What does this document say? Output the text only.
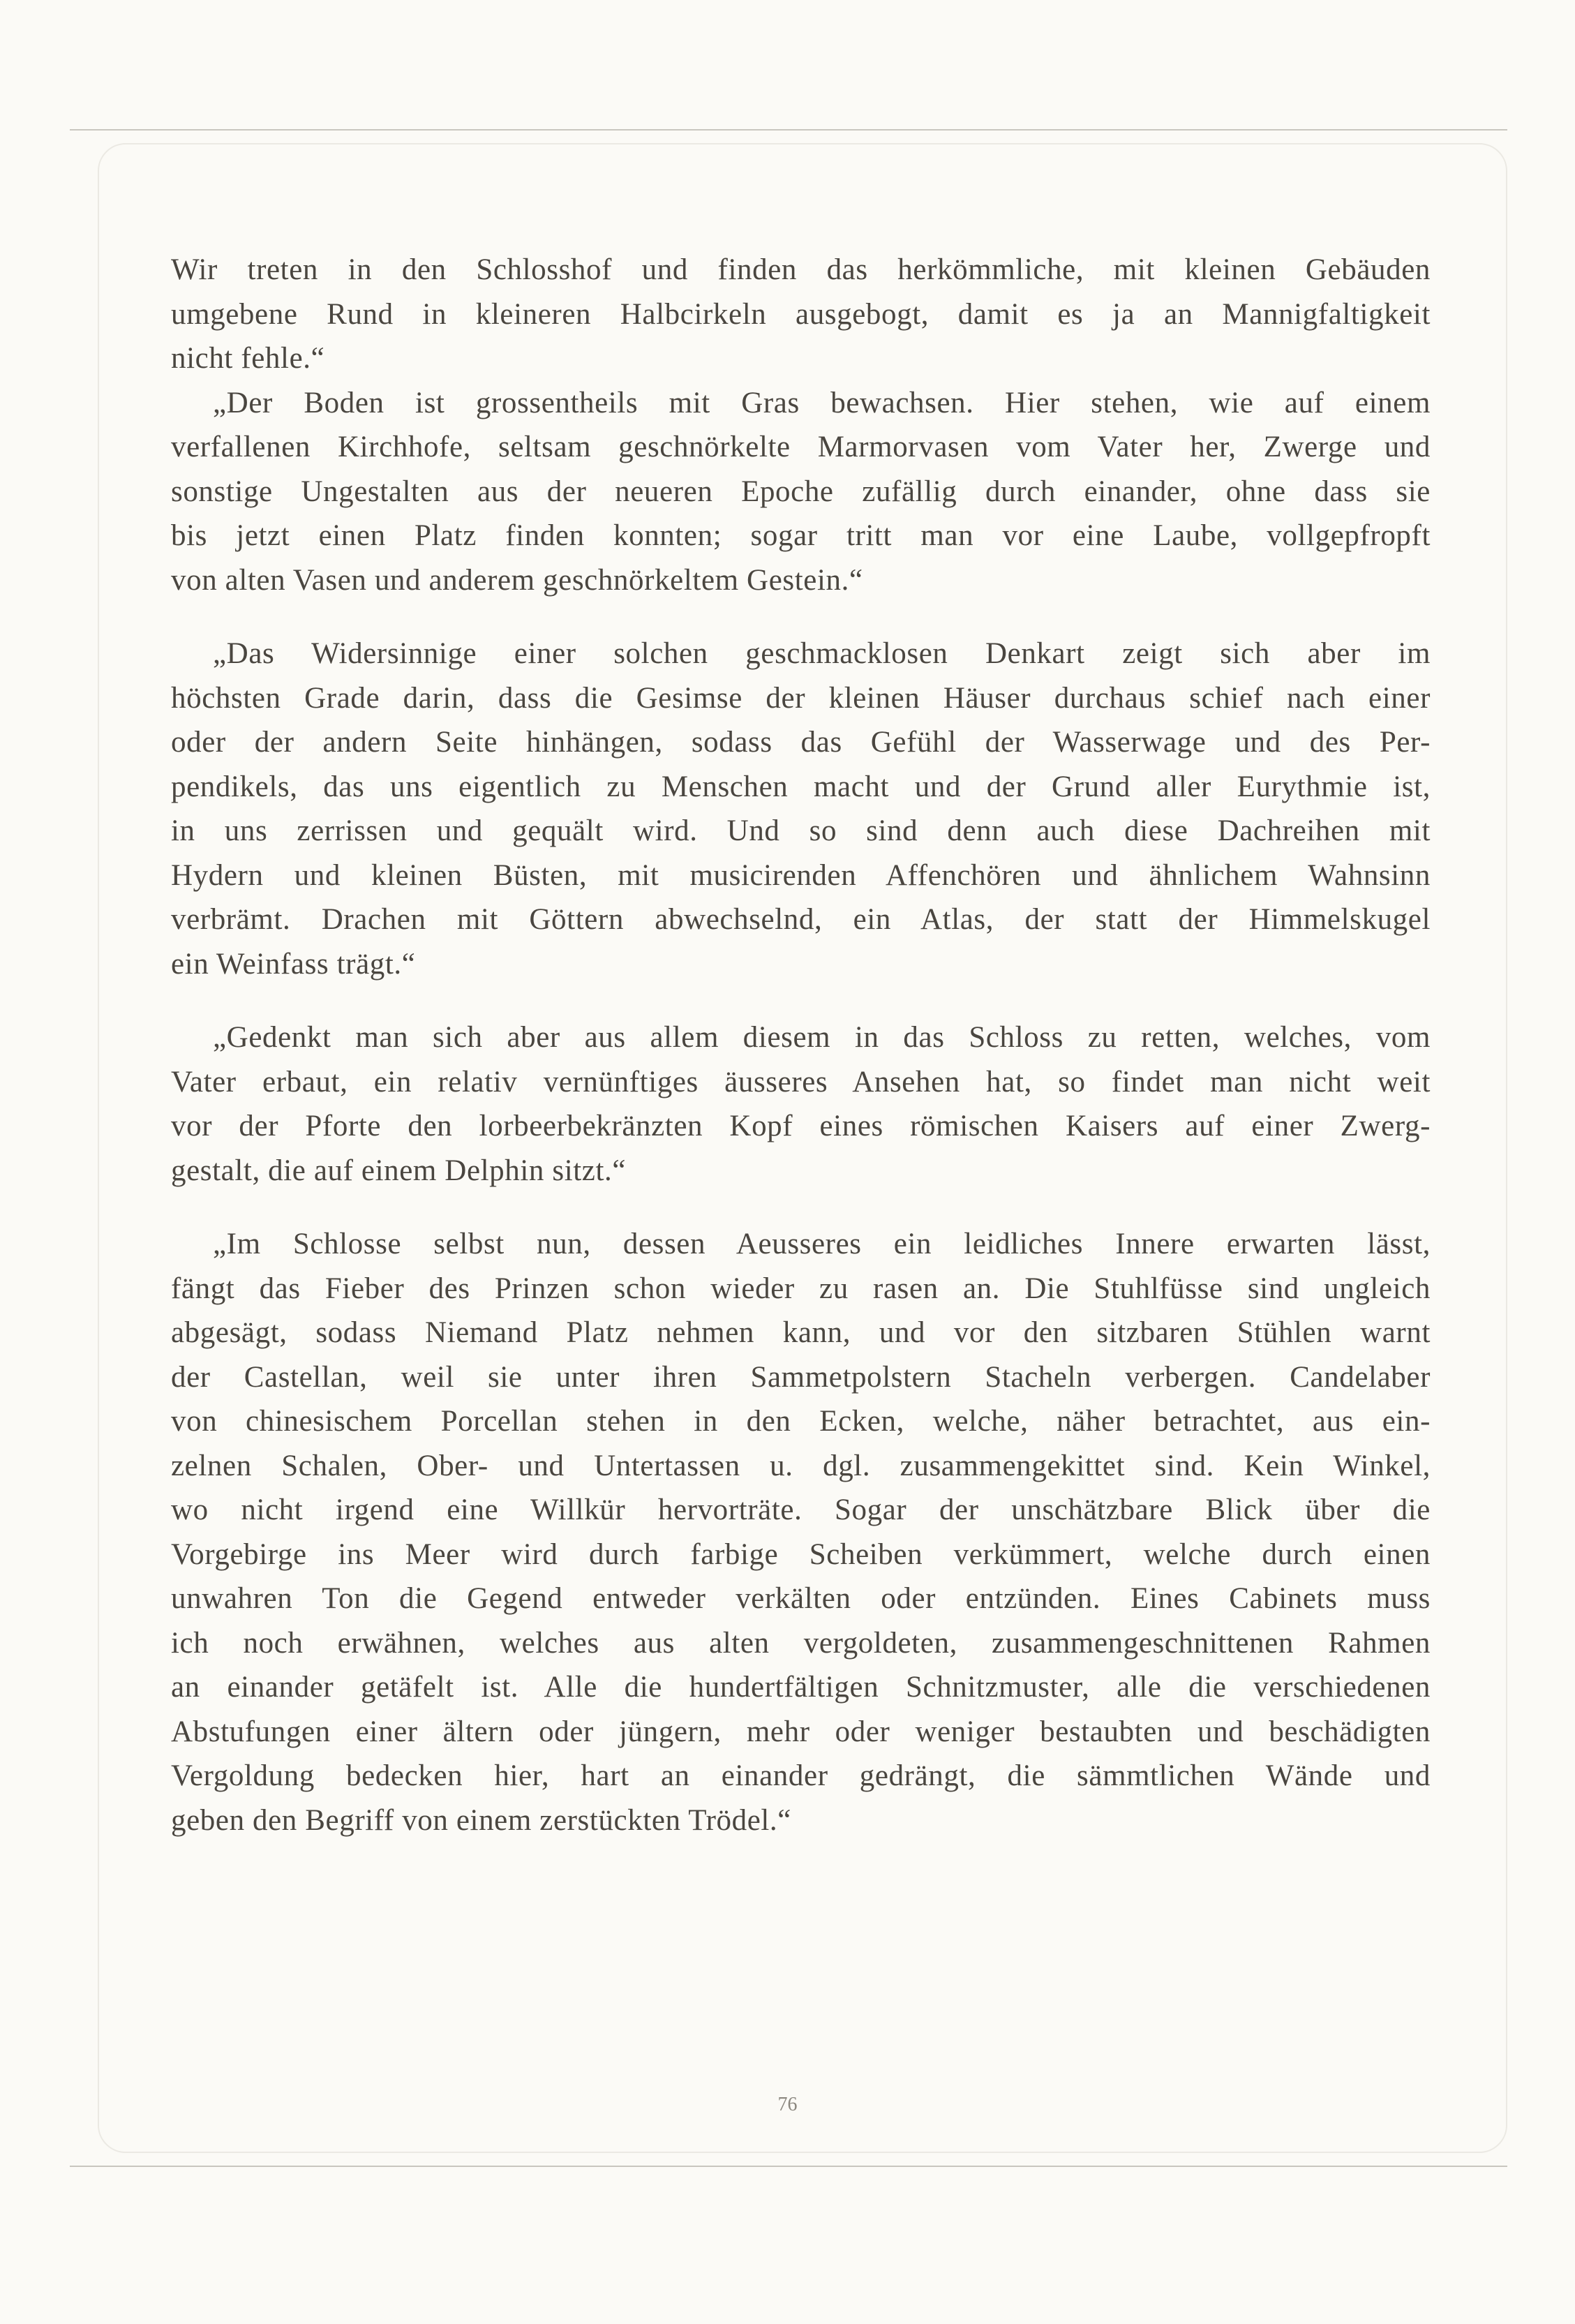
Wir treten in den Schlosshof und finden das herkömmliche, mit kleinen Gebäuden

umgebene Rund in kleineren Halbcirkeln ausgebogt, damit es ja an Mannigfaltigkeit

nicht fehle.“

„Der Boden ist grossentheils mit Gras bewachsen. Hier stehen, wie auf einem

verfallenen Kirchhofe, seltsam geschnörkelte Marmorvasen vom Vater her, Zwerge und

sonstige Ungestalten aus der neueren Epoche zufällig durch einander, ohne dass sie

bis jetzt einen Platz finden konnten; sogar tritt man vor eine Laube, vollgepfropft

von alten Vasen und anderem geschnörkeltem Gestein.“

„Das Widersinnige einer solchen geschmacklosen Denkart zeigt sich aber im

höchsten Grade darin, dass die Gesimse der kleinen Häuser durchaus schief nach einer

oder der andern Seite hinhängen, sodass das Gefühl der Wasserwage und des Per-

pendikels, das uns eigentlich zu Menschen macht und der Grund aller Eurythmie ist,

in uns zerrissen und gequält wird. Und so sind denn auch diese Dachreihen mit

Hydern und kleinen Büsten, mit musicirenden Affenchören und ähnlichem Wahnsinn

verbrämt. Drachen mit Göttern abwechselnd, ein Atlas, der statt der Himmelskugel

ein Weinfass trägt.“

„Gedenkt man sich aber aus allem diesem in das Schloss zu retten, welches, vom

Vater erbaut, ein relativ vernünftiges äusseres Ansehen hat, so findet man nicht weit

vor der Pforte den lorbeerbekränzten Kopf eines römischen Kaisers auf einer Zwerg-

gestalt, die auf einem Delphin sitzt.“

„Im Schlosse selbst nun, dessen Aeusseres ein leidliches Innere erwarten lässt,

fängt das Fieber des Prinzen schon wieder zu rasen an. Die Stuhlfüsse sind ungleich

abgesägt, sodass Niemand Platz nehmen kann, und vor den sitzbaren Stühlen warnt

der Castellan, weil sie unter ihren Sammetpolstern Stacheln verbergen. Candelaber

von chinesischem Porcellan stehen in den Ecken, welche, näher betrachtet, aus ein-

zelnen Schalen, Ober- und Untertassen u. dgl. zusammengekittet sind. Kein Winkel,

wo nicht irgend eine Willkür hervorträte. Sogar der unschätzbare Blick über die

Vorgebirge ins Meer wird durch farbige Scheiben verkümmert, welche durch einen

unwahren Ton die Gegend entweder verkälten oder entzünden. Eines Cabinets muss

ich noch erwähnen, welches aus alten vergoldeten, zusammengeschnittenen Rahmen

an einander getäfelt ist. Alle die hundertfältigen Schnitzmuster, alle die verschiedenen

Abstufungen einer ältern oder jüngern, mehr oder weniger bestaubten und beschädigten

Vergoldung bedecken hier, hart an einander gedrängt, die sämmtlichen Wände und

geben den Begriff von einem zerstückten Trödel.“

76
